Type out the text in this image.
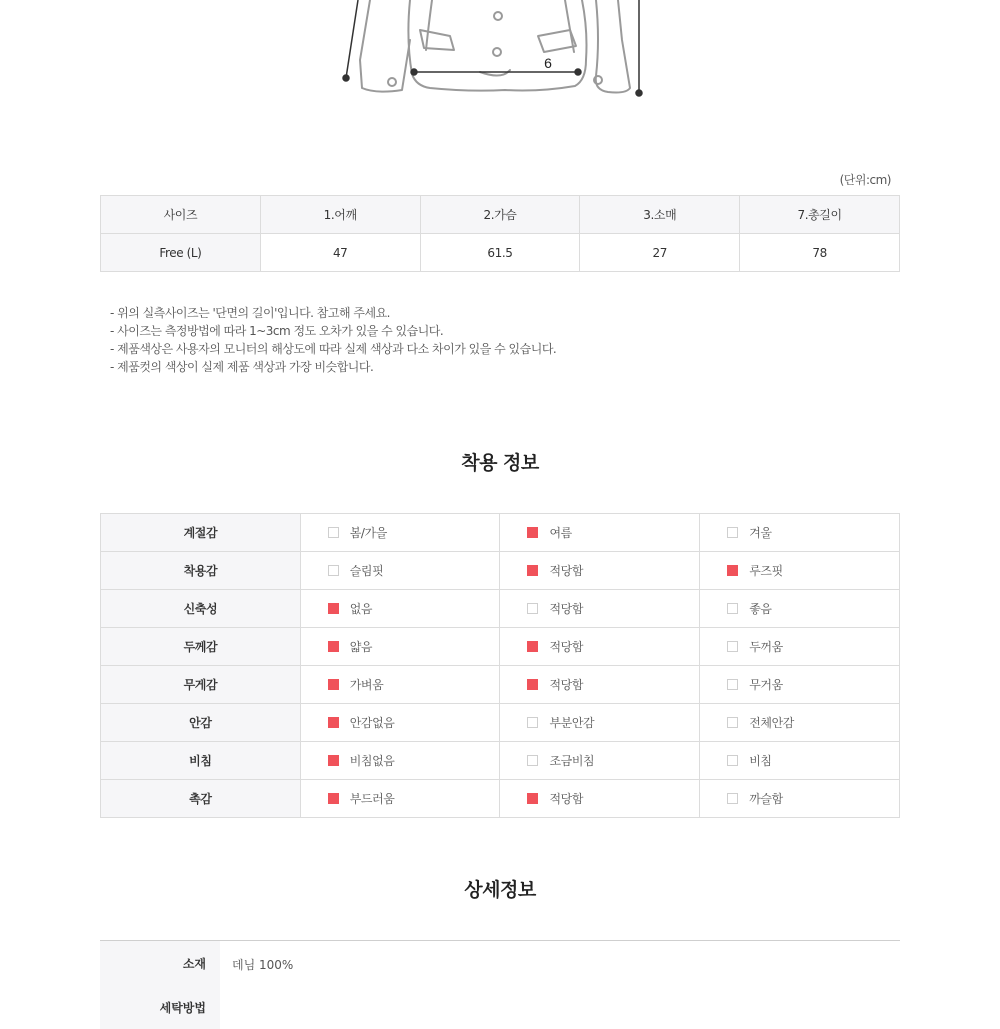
6
(단위:cm)
사이즈	1.어깨	2.가슴	3.소매	7.총길이
Free (L)	47	61.5	27	78
- 위의 실측사이즈는 '단면의 길이'입니다. 참고해 주세요.
- 사이즈는 측정방법에 따라 1~3cm 정도 오차가 있을 수 있습니다.
- 제품색상은 사용자의 모니터의 해상도에 따라 실제 색상과 다소 차이가 있을 수 있습니다.
- 제품컷의 색상이 실제 제품 색상과 가장 비슷합니다.
착용 정보
계절감	봄/가을	여름	겨울
착용감	슬림핏	적당함	루즈핏
신축성	없음	적당함	좋음
두께감	얇음	적당함	두꺼움
무게감	가벼움	적당함	무거움
안감	안감없음	부분안감	전체안감
비침	비침없음	조금비침	비침
촉감	부드러움	적당함	까슬함
상세정보
소재	데님 100%
세탁방법
